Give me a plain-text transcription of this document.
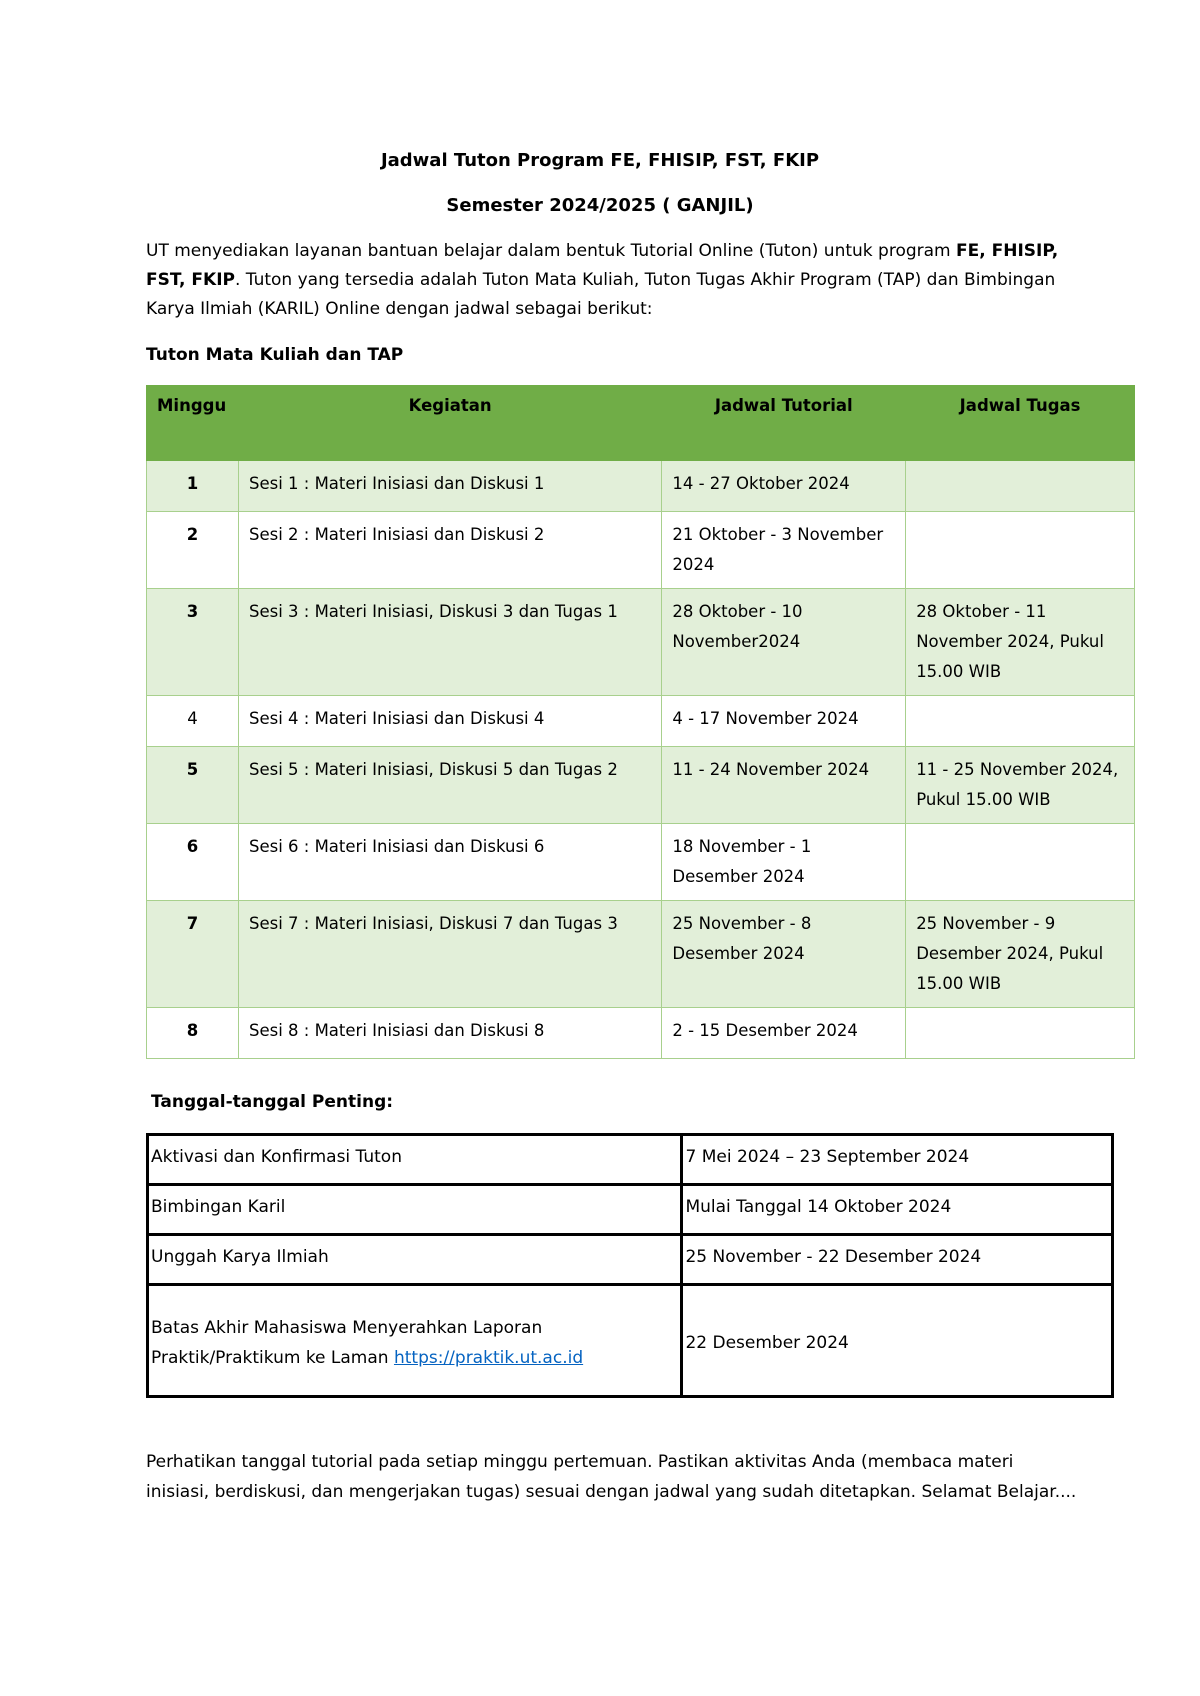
Jadwal Tuton Program FE, FHISIP, FST, FKIP
Semester 2024/2025 ( GANJIL)
UT menyediakan layanan bantuan belajar dalam bentuk Tutorial Online (Tuton) untuk program FE, FHISIP, FST, FKIP. Tuton yang tersedia adalah Tuton Mata Kuliah, Tuton Tugas Akhir Program (TAP) dan Bimbingan Karya Ilmiah (KARIL) Online dengan jadwal sebagai berikut:
Tuton Mata Kuliah dan TAP
Minggu	Kegiatan	Jadwal Tutorial	Jadwal Tugas
1	Sesi 1 : Materi Inisiasi dan Diskusi 1	14 - 27 Oktober 2024	
2	Sesi 2 : Materi Inisiasi dan Diskusi 2	21 Oktober - 3 November 2024	
3	Sesi 3 : Materi Inisiasi, Diskusi 3 dan Tugas 1	28 Oktober - 10 November2024	28 Oktober - 11 November 2024, Pukul 15.00 WIB
4	Sesi 4 : Materi Inisiasi dan Diskusi 4	4 - 17 November 2024	
5	Sesi 5 : Materi Inisiasi, Diskusi 5 dan Tugas 2	11 - 24 November 2024	11 - 25 November 2024, Pukul 15.00 WIB
6	Sesi 6 : Materi Inisiasi dan Diskusi 6	18 November - 1 Desember 2024	
7	Sesi 7 : Materi Inisiasi, Diskusi 7 dan Tugas 3	25 November - 8 Desember 2024	25 November - 9 Desember 2024, Pukul 15.00 WIB
8	Sesi 8 : Materi Inisiasi dan Diskusi 8	2 - 15 Desember 2024	
Tanggal-tanggal Penting:
Aktivasi dan Konfirmasi Tuton	7 Mei 2024 – 23 September 2024
Bimbingan Karil	Mulai Tanggal 14 Oktober 2024
Unggah Karya Ilmiah	25 November - 22 Desember 2024
Batas Akhir Mahasiswa Menyerahkan Laporan Praktik/Praktikum ke Laman https://praktik.ut.ac.id	22 Desember 2024
Perhatikan tanggal tutorial pada setiap minggu pertemuan. Pastikan aktivitas Anda (membaca materi inisiasi, berdiskusi, dan mengerjakan tugas) sesuai dengan jadwal yang sudah ditetapkan. Selamat Belajar....
